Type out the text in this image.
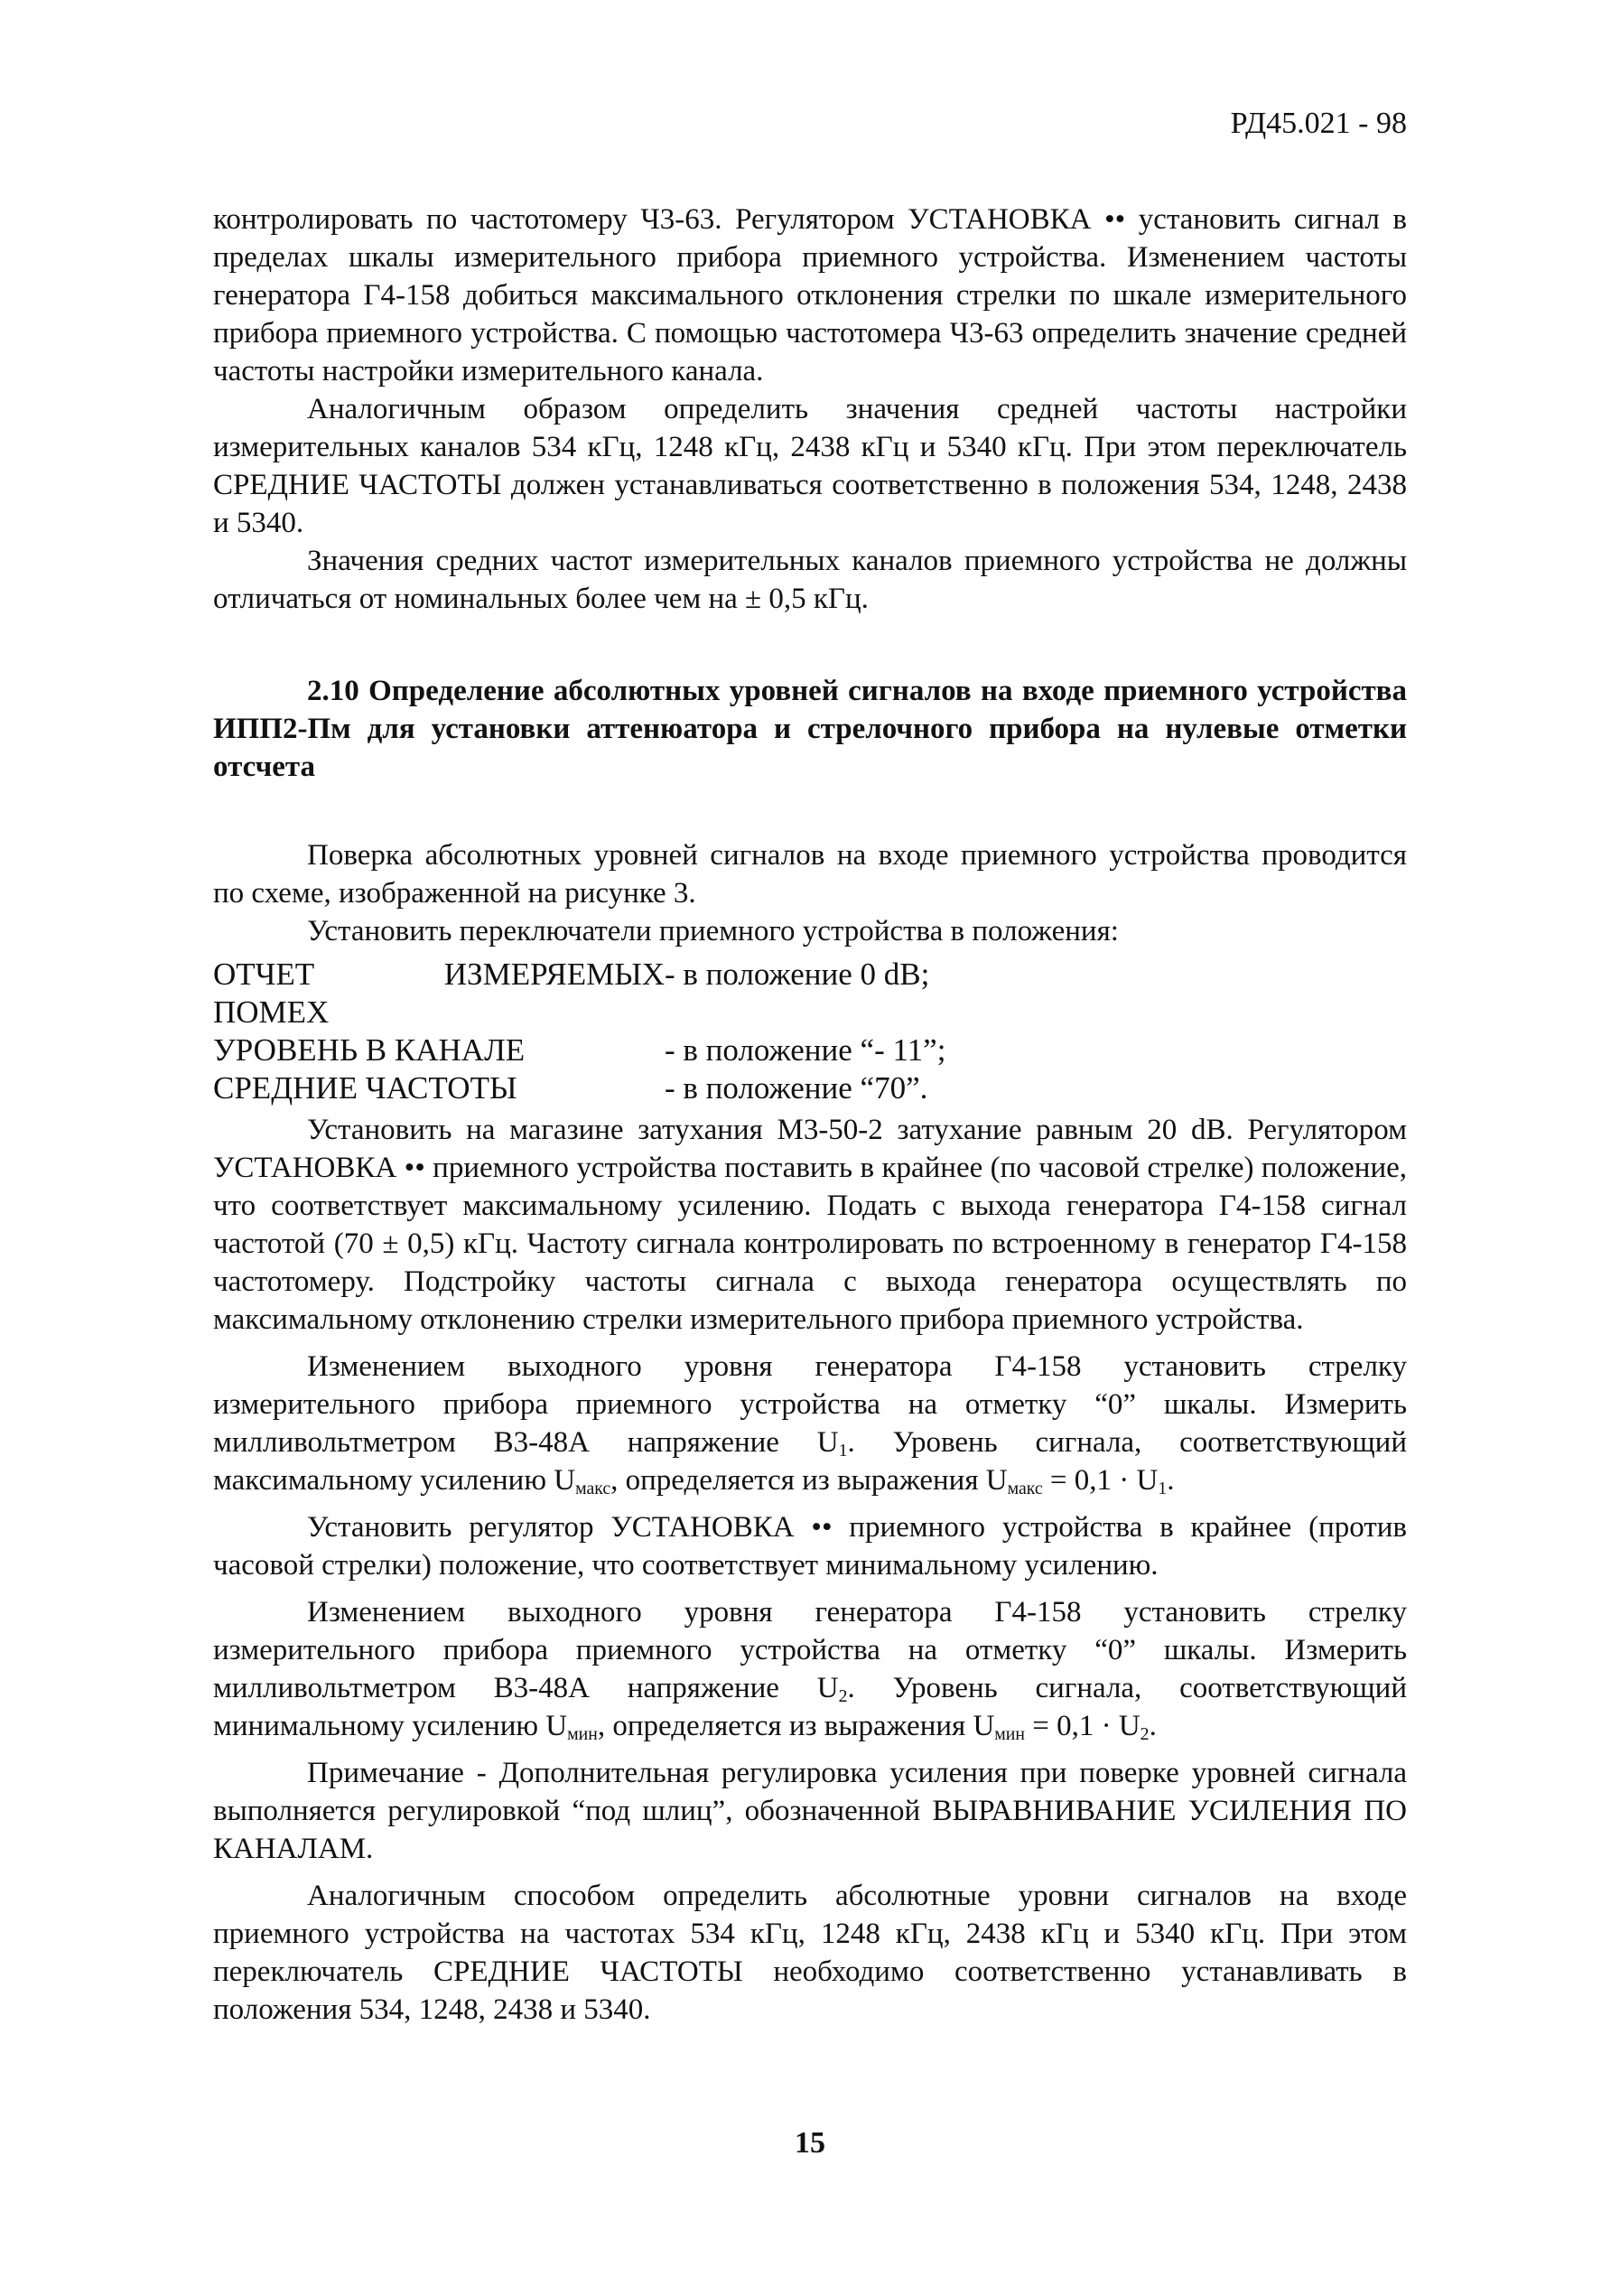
РД45.021 - 98

контролировать по частотомеру Ч3-63. Регулятором УСТАНОВКА •• установить сигнал в пределах шкалы измерительного прибора приемного устройства. Изменением частоты генератора Г4-158 добиться максимального отклонения стрелки по шкале измерительного прибора приемного устройства. С помощью частотомера Ч3-63 определить значение средней частоты настройки измерительного канала.

Аналогичным образом определить значения средней частоты настройки измерительных каналов 534 кГц, 1248 кГц, 2438 кГц и 5340 кГц. При этом переключатель СРЕДНИЕ ЧАСТОТЫ должен устанавливаться соответственно в положения 534, 1248, 2438 и 5340.

Значения средних частот измерительных каналов приемного устройства не должны отличаться от номинальных более чем на ± 0,5 кГц.

2.10 Определение абсолютных уровней сигналов на входе приемного устройства ИПП2-Пм для установки аттенюатора и стрелочного прибора на нулевые отметки отсчета

Поверка абсолютных уровней сигналов на входе приемного устройства проводится по схеме, изображенной на рисунке 3.

Установить переключатели приемного устройства в положения:

ОТЧЕТ ИЗМЕРЯЕМЫХ ПОМЕХ
- в положение 0 dB;
УРОВЕНЬ В КАНАЛЕ	- в положение “- 11”;
СРЕДНИЕ ЧАСТОТЫ	- в положение “70”.

Установить на магазине затухания М3-50-2 затухание равным 20 dB. Регулятором УСТАНОВКА •• приемного устройства поставить в крайнее (по часовой стрелке) положение, что соответствует максимальному усилению. Подать с выхода генератора Г4-158 сигнал частотой (70 ± 0,5) кГц. Частоту сигнала контролировать по встроенному в генератор Г4-158 частотомеру. Подстройку частоты сигнала с выхода генератора осуществлять по максимальному отклонению стрелки измерительного прибора приемного устройства.

Изменением выходного уровня генератора Г4-158 установить стрелку измерительного прибора приемного устройства на отметку “0” шкалы. Измерить милливольтметром В3-48А напряжение $U_1$. Уровень сигнала, соответствующий максимальному усилению $U_{макс}$, определяется из выражения $U_{макс} = 0,1 \cdot U_1$.

Установить регулятор УСТАНОВКА •• приемного устройства в крайнее (против часовой стрелки) положение, что соответствует минимальному усилению.

Изменением выходного уровня генератора Г4-158 установить стрелку измерительного прибора приемного устройства на отметку “0” шкалы. Измерить милливольтметром В3-48А напряжение $U_2$. Уровень сигнала, соответствующий минимальному усилению $U_{мин}$, определяется из выражения $U_{мин} = 0,1 \cdot U_2$.

Примечание - Дополнительная регулировка усиления при поверке уровней сигнала выполняется регулировкой “под шлиц”, обозначенной ВЫРАВНИВАНИЕ УСИЛЕНИЯ ПО КАНАЛАМ.

Аналогичным способом определить абсолютные уровни сигналов на входе приемного устройства на частотах 534 кГц, 1248 кГц, 2438 кГц и 5340 кГц. При этом переключатель СРЕДНИЕ ЧАСТОТЫ необходимо соответственно устанавливать в положения 534, 1248, 2438 и 5340.

15
